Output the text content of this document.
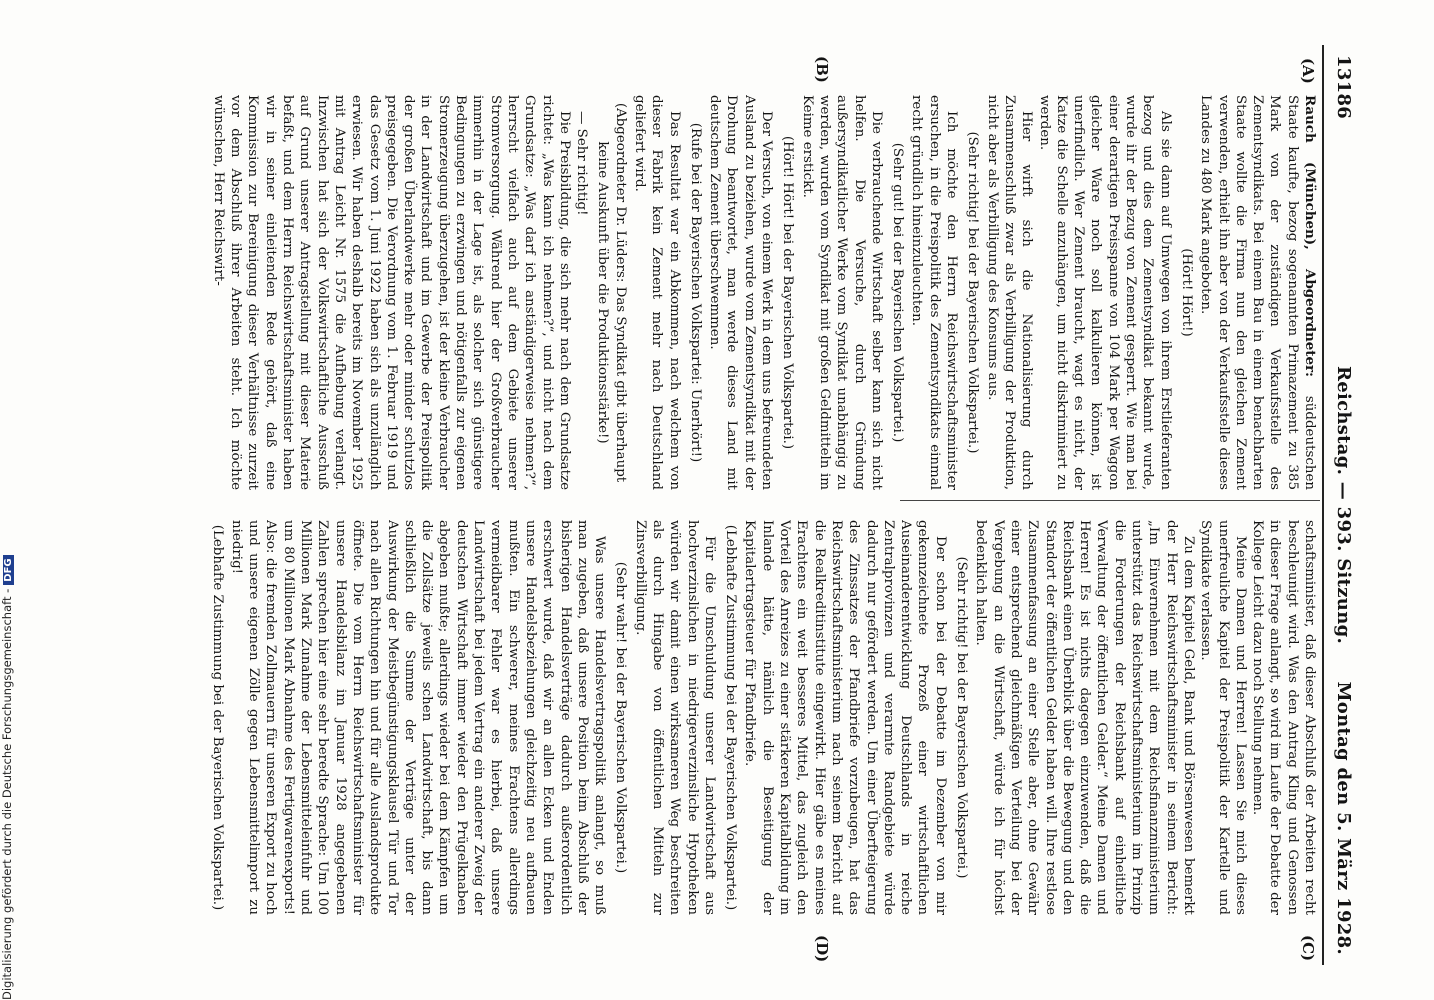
13186
Reichstag. — 393. Sitzung.
Montag den 5. März 1928.
(A)
(B)
(C)
(D)

Rauch (München), Abgeordneter: süddeutschen Staate kaufte, bezog sogenannten Primazement zu 385 Mark von der zuständigen Verkaufsstelle des Zementsyndikats. Bei einem Bau in einem benachbarten Staate wollte die Firma nun den gleichen Zement verwenden, erhielt ihn aber von der Verkaufsstelle dieses Landes zu 480 Mark angeboten.

(Hört! Hört!)

Als sie dann auf Umwegen von ihrem Erstlieferanten bezog und dies dem Zementsyndikat bekannt wurde, wurde ihr der Bezug von Zement gesperrt. Wie man bei einer derartigen Preisspanne von 104 Mark per Waggon gleicher Ware noch soll kalkulieren können, ist unerfindlich. Wer Zement braucht, wagt es nicht, der Katze die Schelle anzuhängen, um nicht diskriminiert zu werden.

Hier wirft sich die Nationalisierung durch Zusammenschluß zwar als Verbilligung der Produktion, nicht aber als Verbilligung des Konsums aus.

(Sehr richtig! bei der Bayerischen Volkspartei.)

Ich möchte den Herrn Reichswirtschaftsminister ersuchen, in die Preispolitik des Zementsyndikats einmal recht gründlich hineinzuleuchten.

(Sehr gut! bei der Bayerischen Volkspartei.)

Die verbrauchende Wirtschaft selber kann sich nicht helfen. Die Versuche, durch Gründung außersyndikatlicher Werke vom Syndikat unabhängig zu werden, wurden vom Syndikat mit großen Geldmitteln im Keime erstickt.

(Hört! Hört! bei der Bayerischen Volkspartei.)

Der Versuch, von einem Werk in dem uns befreundeten Ausland zu beziehen, wurde vom Zementsyndikat mit der Drohung beantwortet, man werde dieses Land mit deutschem Zement überschwemmen.

(Rufe bei der Bayerischen Volkspartei: Unerhört!)

Das Resultat war ein Abkommen, nach welchem von dieser Fabrik kein Zement mehr nach Deutschland geliefert wird.

(Abgeordneter Dr. Lüders: Das Syndikat gibt überhaupt keine Auskunft über die Produktionsstärke!)

— Sehr richtig!

Die Preisbildung, die sich mehr nach dem Grundsatze richtet: „Was kann ich nehmen?“, und nicht nach dem Grundsatze: „Was darf ich anständigerweise nehmen?“, herrscht vielfach auch auf dem Gebiete unserer Stromversorgung. Während hier der Großverbraucher immerhin in der Lage ist, als solcher sich günstigere Bedingungen zu erzwingen und nötigenfalls zur eigenen Stromerzeugung überzugehen, ist der kleine Verbraucher in der Landwirtschaft und im Gewerbe der Preispolitik der großen Überlandwerke mehr oder minder schutzlos preisgegeben. Die Verordnung vom 1. Februar 1919 und das Gesetz vom 1. Juni 1922 haben sich als unzulänglich erwiesen. Wir haben deshalb bereits im November 1925 mit Antrag Leicht Nr. 1575 die Aufhebung verlangt. Inzwischen hat sich der Volkswirtschaftliche Ausschuß auf Grund unserer Antragstellung mit dieser Materie befaßt, und dem Herrn Reichswirtschaftsminister haben wir in seiner einleitenden Rede gehört, daß eine Kommission zur Bereinigung dieser Verhältnisse zurzeit vor dem Abschluß ihrer Arbeiten steht. Ich möchte wünschen, Herr Reichswirt-

schaftsminister, daß dieser Abschluß der Arbeiten recht beschleunigt wird. Was den Antrag Kling und Genossen in dieser Frage anlangt, so wird im Laufe der Debatte der Kollege Leicht dazu noch Stellung nehmen.

Meine Damen und Herren! Lassen Sie mich dieses unerfreuliche Kapitel der Preispolitik der Kartelle und Syndikate verlassen.

Zu dem Kapitel Geld, Bank und Börsenwesen bemerkt der Herr Reichswirtschaftsminister in seinem Bericht: „Im Einvernehmen mit dem Reichsfinanzministerium unterstützt das Reichswirtschaftsministerium im Prinzip die Forderungen der Reichsbank auf einheitliche Verwaltung der öffentlichen Gelder.“ Meine Damen und Herren! Es ist nichts dagegen einzuwenden, daß die Reichsbank einen Überblick über die Bewegung und den Standort der öffentlichen Gelder haben will. Ihre restlose Zusammenfassung an einer Stelle aber, ohne Gewähr einer entsprechend gleichmäßigen Verteilung bei der Vergebung an die Wirtschaft, würde ich für höchst bedenklich halten.

(Sehr richtig! bei der Bayerischen Volkspartei.)

Der schon bei der Debatte im Dezember von mir gekennzeichnete Prozeß einer wirtschaftlichen Auseinanderentwicklung Deutschlands in reiche Zentralprovinzen und verarmte Randgebiete würde dadurch nur gefördert werden. Um einer Überfteigerung des Zinssatzes der Pfandbriefe vorzubeugen, hat das Reichswirtschaftsministerium nach seinem Bericht auf die Realkreditinstitute eingewirkt. Hier gäbe es meines Erachtens ein weit besseres Mittel, das zugleich den Vorteil des Anreizes zu einer stärkeren Kapitalbildung im Inlande hätte, nämlich die Beseitigung der Kapitalertragsteuer für Pfandbriefe.

(Lebhafte Zustimmung bei der Bayerischen Volkspartei.)

Für die Umschuldung unserer Landwirtschaft aus hochverzinslichen in niedrigerverzinsliche Hypotheken würden wir damit einen wirksameren Weg beschreiten als durch Hingabe von öffentlichen Mitteln zur Zinsverbilligung.

(Sehr wahr! bei der Bayerischen Volkspartei.)

Was unsere Handelsvertragspolitik anlangt, so muß man zugeben, daß unsere Position beim Abschluß der bisherigen Handelsverträge dadurch außerordentlich erschwert wurde, daß wir an allen Ecken und Enden unsere Handelsbeziehungen gleichzeitig neu aufbauen mußten. Ein schwerer, meines Erachtens allerdings vermeidbarer Fehler war es hierbei, daß unsere Landwirtschaft bei jedem Vertrag ein anderer Zweig der deutschen Wirtschaft immer wieder den Prügelknaben abgeben mußte; allerdings wieder bei dem Kämpfen um die Zollsätze jeweils schen Landwirtschaft, bis dann schließlich die Summe der Verträge unter der Auswirkung der Meistbegünstigungsklausel Tür und Tor nach allen Richtungen hin und für alle Auslandsprodukte öffnete. Die vom Herrn Reichswirtschaftsminister für unsere Handelsbilanz im Januar 1928 angegebenen Zahlen sprechen hier eine sehr beredte Sprache: Um 100 Millionen Mark Zunahme der Lebensmitteleinfuhr und um 80 Millionen Mark Abnahme des Fertigwarenexports! Also: die fremden Zollmauern für unseren Export zu hoch und unsere eigenen Zölle gegen Lebensmittelimport zu niedrig!

(Lebhafte Zustimmung bei der Bayerischen Volkspartei.)

Digitalisierung gefördert durch die Deutsche Forschungsgemeinschaft -DFG
